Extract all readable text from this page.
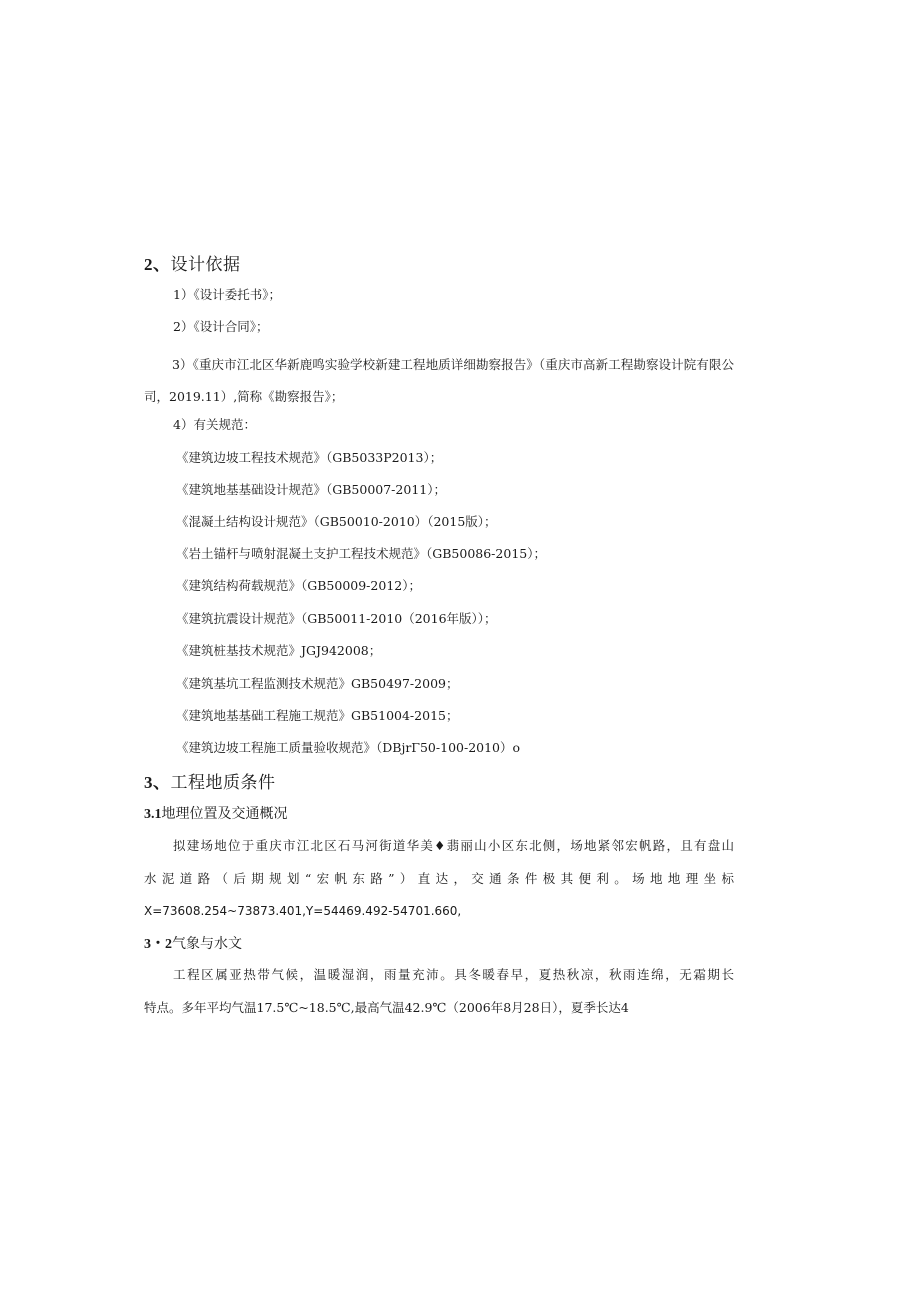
2、设计依据

1）《设计委托书》；

2）《设计合同》；

3）《重庆市江北区华新鹿鸣实验学校新建工程地质详细勘察报告》（重庆市高新工程勘察设计院有限公司，2019.11）,简称《勘察报告》；

4）有关规范：

《建筑边坡工程技术规范》（GB5033P2013）；

《建筑地基基础设计规范》（GB50007-2011）；

《混凝土结构设计规范》（GB50010-2010）（2015版）；

《岩土锚杆与喷射混凝土支护工程技术规范》（GB50086-2015）；

《建筑结构荷载规范》（GB50009-2012）；

《建筑抗震设计规范》（GB50011-2010（2016年版））；

《建筑桩基技术规范》JGJ942008；

《建筑基坑工程监测技术规范》GB50497-2009；

《建筑地基基础工程施工规范》GB51004-2015；

《建筑边坡工程施工质量验收规范》（DBjrΓ50-100-2010）o

3、工程地质条件
3.1地理位置及交通概况

拟建场地位于重庆市江北区石马河街道华美♦翡丽山小区东北侧，场地紧邻宏帆路，且有盘山

水泥道路（后期规划“宏帆东路”）直达，交通条件极其便利。场地地理坐标

X=73608.254~73873.401,Y=54469.492-54701.660,

3・2气象与水文

工程区属亚热带气候，温暖湿润，雨量充沛。具冬暖春早，夏热秋凉，秋雨连绵，无霜期长

特点。多年平均气温17.5℃~18.5℃,最高气温42.9℃（2006年8月28日），夏季长达4
